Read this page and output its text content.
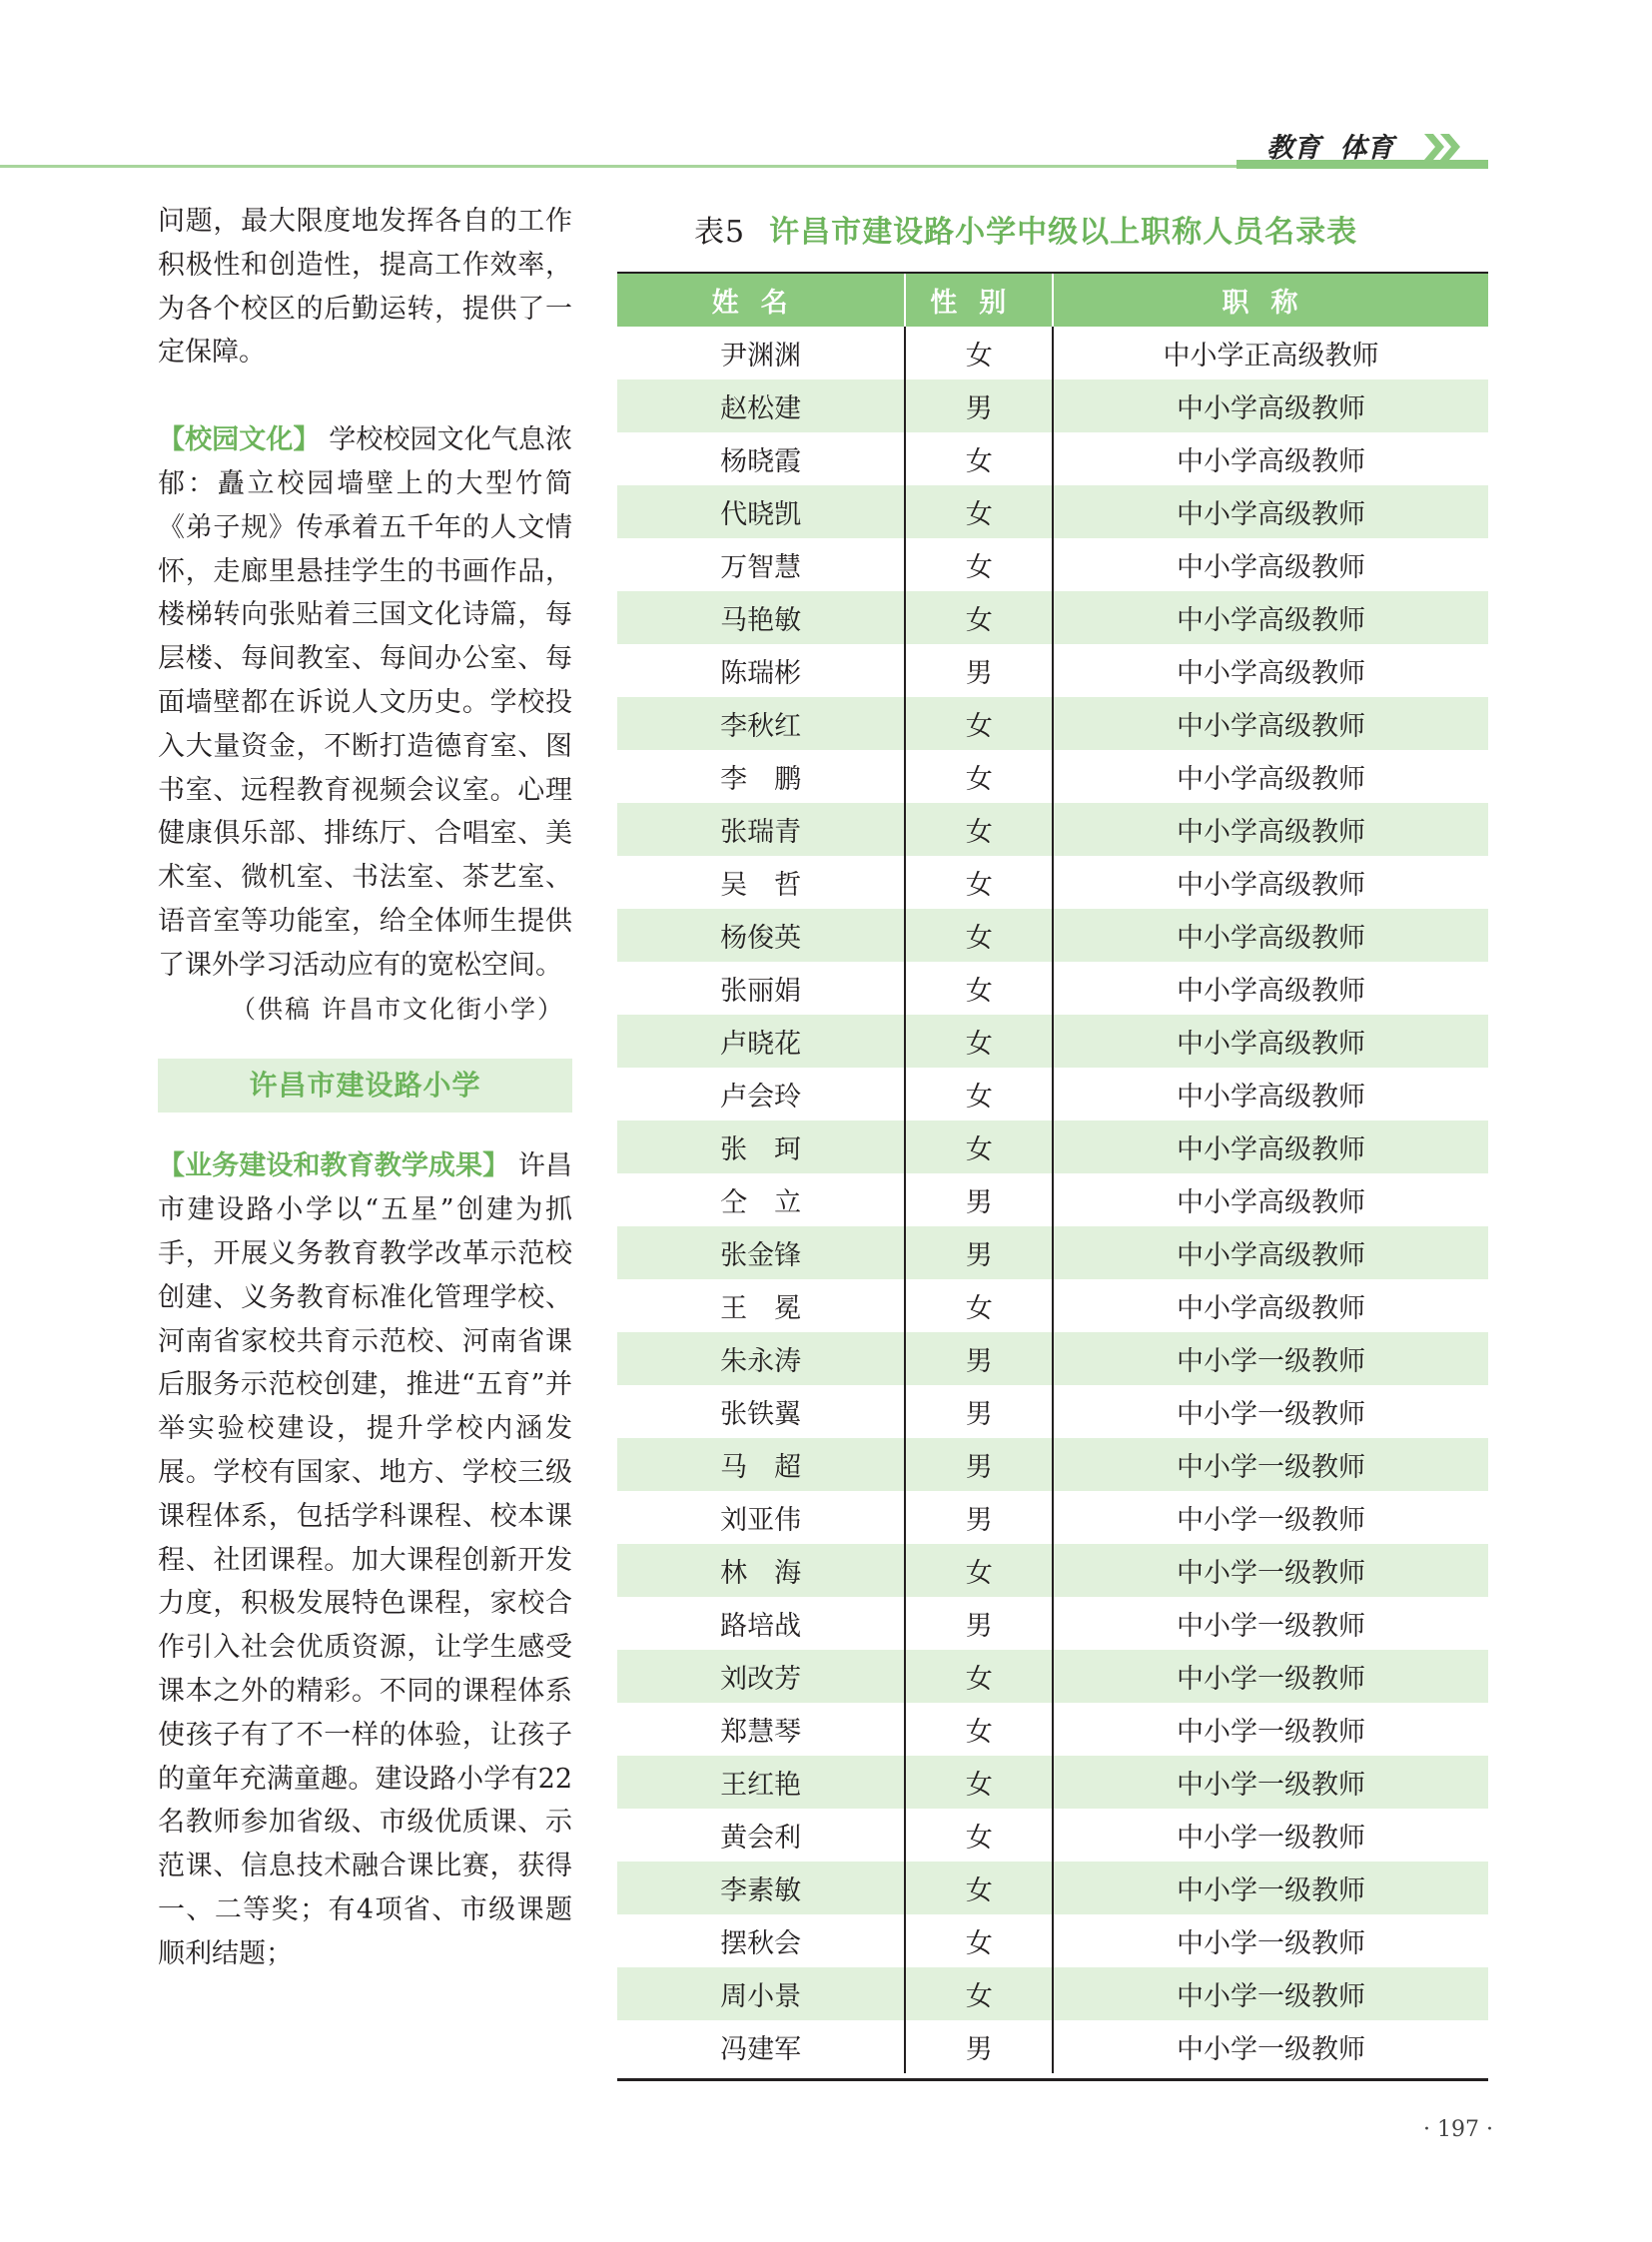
教育 体育

问题，最大限度地发挥各自的工作积极性和创造性，提高工作效率，为各个校区的后勤运转，提供了一定保障。

【校园文化】 学校校园文化气息浓郁：矗立校园墙壁上的大型竹简《弟子规》传承着五千年的人文情怀，走廊里悬挂学生的书画作品，楼梯转向张贴着三国文化诗篇，每层楼、每间教室、每间办公室、每面墙壁都在诉说人文历史。学校投入大量资金，不断打造德育室、图书室、远程教育视频会议室。心理健康俱乐部、排练厅、合唱室、美术室、微机室、书法室、茶艺室、语音室等功能室，给全体师生提供了课外学习活动应有的宽松空间。

（供稿 许昌市文化街小学）

许昌市建设路小学

【业务建设和教育教学成果】 许昌市建设路小学以“五星”创建为抓手，开展义务教育教学改革示范校创建、义务教育标准化管理学校、河南省家校共育示范校、河南省课后服务示范校创建，推进“五育”并举实验校建设，提升学校内涵发展。学校有国家、地方、学校三级课程体系，包括学科课程、校本课程、社团课程。加大课程创新开发力度，积极发展特色课程，家校合作引入社会优质资源，让学生感受课本之外的精彩。不同的课程体系使孩子有了不一样的体验，让孩子的童年充满童趣。建设路小学有22名教师参加省级、市级优质课、示范课、信息技术融合课比赛，获得一、二等奖；有4项省、市级课题顺利结题；

表5 许昌市建设路小学中级以上职称人员名录表
姓名	性别	职称
尹渊渊	女	中小学正高级教师
赵松建	男	中小学高级教师
杨晓霞	女	中小学高级教师
代晓凯	女	中小学高级教师
万智慧	女	中小学高级教师
马艳敏	女	中小学高级教师
陈瑞彬	男	中小学高级教师
李秋红	女	中小学高级教师
李　鹏	女	中小学高级教师
张瑞青	女	中小学高级教师
吴　哲	女	中小学高级教师
杨俊英	女	中小学高级教师
张丽娟	女	中小学高级教师
卢晓花	女	中小学高级教师
卢会玲	女	中小学高级教师
张　珂	女	中小学高级教师
仝　立	男	中小学高级教师
张金锋	男	中小学高级教师
王　冕	女	中小学高级教师
朱永涛	男	中小学一级教师
张铁翼	男	中小学一级教师
马　超	男	中小学一级教师
刘亚伟	男	中小学一级教师
林　海	女	中小学一级教师
路培战	男	中小学一级教师
刘改芳	女	中小学一级教师
郑慧琴	女	中小学一级教师
王红艳	女	中小学一级教师
黄会利	女	中小学一级教师
李素敏	女	中小学一级教师
摆秋会	女	中小学一级教师
周小景	女	中小学一级教师
冯建军	男	中小学一级教师
· 197 ·
